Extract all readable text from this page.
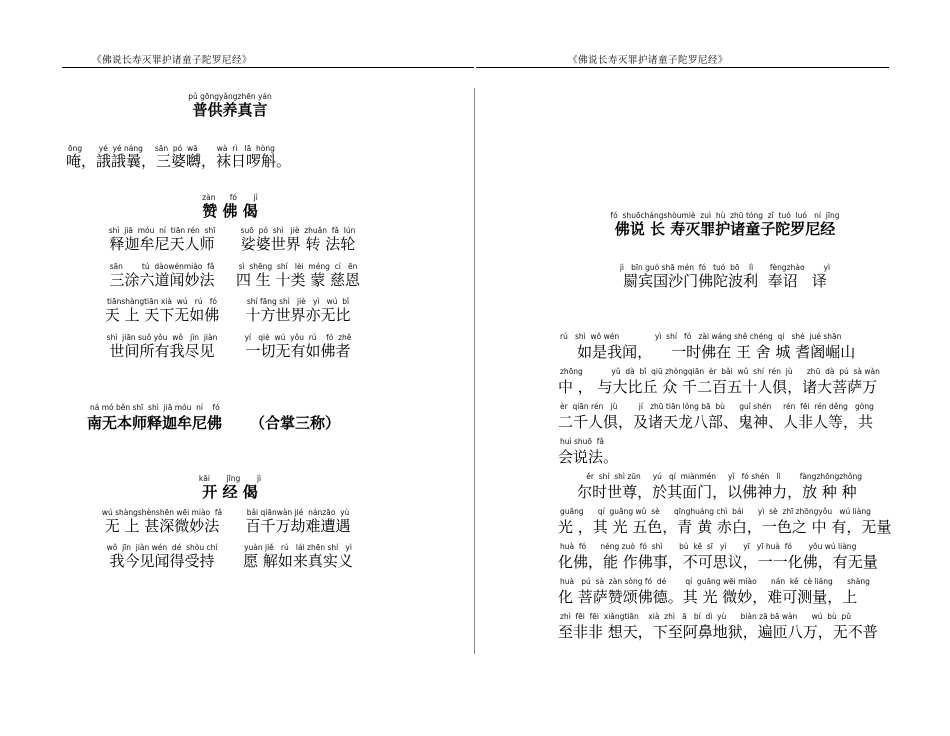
《佛说长寿灭罪护诸童子陀罗尼经》	《佛说长寿灭罪护诸童子陀罗尼经》
pǔ gōngyǎngzhēn yán
普供养真言
ōng       yé  yé náng     sān  pó  wā        wà  rì   lā  hòng
唵，誐誐曩，三婆嚩，袜日啰斛。
zàn      fó       jì
赞 佛 偈
shì  jiā  móu  ní  tiān rén  shī
释迦牟尼天人师
suō  pó  shì   jiè  zhuǎn  fǎ  lún
娑婆世界 转 法轮
sān        tú  dàowénmiào  fǎ
三涂六道闻妙法
sì  shēng  shí   lèi  méng  cí   ēn
四 生 十类 蒙 慈恩
tiānshàngtiān xià  wú   rú   fó
天 上 天下无如佛
shí fāng shì   jiè   yì   wú  bǐ
十方世界亦无比
shì  jiān suǒ yǒu  wǒ   jìn  jiàn
世间所有我尽见
yí   qiè  wú  yǒu  rú    fó  zhě
一切无有如佛者
ná mó běn shī  shì  jiā móu  ní    fó
南无本师释迦牟尼佛 （合掌三称）
kāi       jīng       jì
开 经 偈
wú shàngshènshēn wēi miào  fǎ
无 上 甚深微妙法
bǎi qiānwàn jié  nánzāo  yù
百千万劫难遭遇
wǒ  jīn  jiàn wén  dé  shòu chí
我今见闻得受持
yuàn jiě   rú   lái zhēn shí   yì
愿 解如来真实义
fó  shuōchángshòumiè  zuì  hù  zhū tóng  zǐ  tuó  luó   ní  jīng
佛说 长 寿灭罪护诸童子陀罗尼经
jì   bīn guó shā mén  fó   tuó  bō    lì       fèngzhào        yì
罽宾国沙门佛陀波利  奉诏   译
rú   shì  wǒ wén               yì  shí   fó   zài wáng shě chéng  qí   shé  jué shān
如是我闻，    一时佛在 王 舍 城 耆阇崛山
zhōng            yǔ  dà  bǐ  qiū zhòngqiān  èr  bǎi  wǔ  shí  rén  jù      zhū  dà  pú  sà wàn
中 ， 与大比丘 众 千二百五十人俱，诸大菩萨万
èr  qiān rén   jù         jí   zhū tiān lóng bā  bù      guǐ shén     rén  fēi  rén děng   gòng
二千人俱，及诸天龙八部、鬼神、人非人等，共
huì shuō  fǎ
会说法。
ěr  shí  shì zūn     yú   qí  miànmén     yǐ   fó shén   lì        fàngzhōngzhǒng
尔时世尊，於其面门，以佛神力，放 种 种
guāng      qí  guāng wǔ  sè      qīnghuáng chì  bái      yì  sè  zhī zhōngyǒu   wú liàng
光 ，其 光 五色，青 黄 赤白，一色之 中 有，无量
huà  fó      néng zuò  fó  shì       bù  kě  sī   yì       yī   yī huà  fó       yǒu wú liàng
化佛，能 作佛事，不可思议，一一化佛，有无量
huà   pú  sà  zàn sòng fó  dé        qí  guāng wēi miào      nán  kě  cè liáng      shàng
化 菩萨赞颂佛德。其 光 微妙，难可测量，上
zhì  fēi  fēi  xiǎngtiān    xià  zhì   ā   bí  dì  yù      biàn zā bā wàn      wú  bù  pǔ
至非非 想天，下至阿鼻地狱，遍匝八万，无不普
